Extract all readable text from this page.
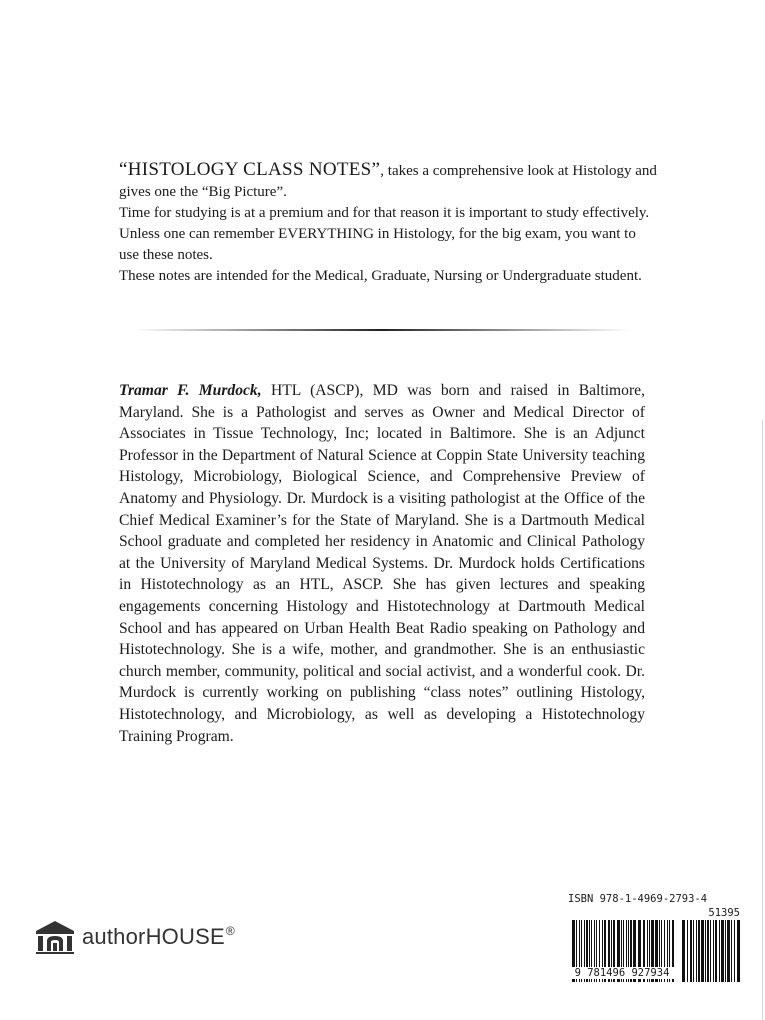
“HISTOLOGY CLASS NOTES”, takes a comprehensive look at Histology and gives one the “Big Picture”.

Time for studying is at a premium and for that reason it is important to study effectively.

Unless one can remember EVERYTHING in Histology, for the big exam, you want to use these notes.

These notes are intended for the Medical, Graduate, Nursing or Undergraduate student.

Tramar F. Murdock, HTL (ASCP), MD was born and raised in Baltimore, Maryland. She is a Pathologist and serves as Owner and Medical Director of Associates in Tissue Technology, Inc; located in Baltimore. She is an Adjunct Professor in the Department of Natural Science at Coppin State University teaching Histology, Microbiology, Biological Science, and Comprehensive Preview of Anatomy and Physiology. Dr. Murdock is a visiting pathologist at the Office of the Chief Medical Examiner’s for the State of Maryland. She is a Dartmouth Medical School graduate and completed her residency in Anatomic and Clinical Pathology at the University of Maryland Medical Systems. Dr. Murdock holds Certifications in Histotechnology as an HTL, ASCP. She has given lectures and speaking engagements concerning Histology and Histotechnology at Dartmouth Medical School and has appeared on Urban Health Beat Radio speaking on Pathology and Histotechnology. She is a wife, mother, and grandmother. She is an enthusiastic church member, community, political and social activist, and a wonderful cook. Dr. Murdock is currently working on publishing “class notes” outlining Histology, Histotechnology, and Microbiology, as well as developing a Histotechnology Training Program.

authorHOUSE®
ISBN 978-1-4969-2793-4
51395
9 781496 927934
